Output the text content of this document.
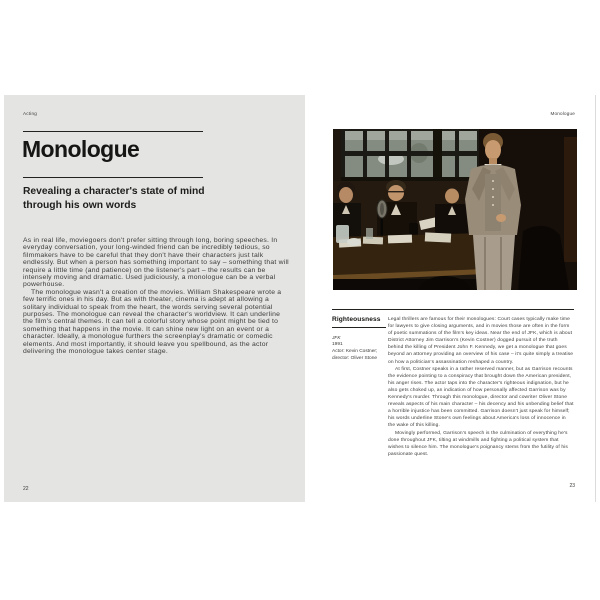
Acting
Monologue
Revealing a character's state of mind through his own words

As in real life, moviegoers don't prefer sitting through long, boring speeches. In everyday conversation, your long-winded friend can be incredibly tedious, so filmmakers have to be careful that they don't have their characters just talk endlessly. But when a person has something important to say – something that will require a little time (and patience) on the listener's part – the results can be intensely moving and dramatic. Used judiciously, a monologue can be a verbal powerhouse.

The monologue wasn't a creation of the movies. William Shakespeare wrote a few terrific ones in his day. But as with theater, cinema is adept at allowing a solitary individual to speak from the heart, the words serving several potential purposes. The monologue can reveal the character's worldview. It can underline the film's central themes. It can tell a colorful story whose point might be tied to something that happens in the movie. It can shine new light on an event or a character. Ideally, a monologue furthers the screenplay's dramatic or comedic elements. And most importantly, it should leave you spellbound, as the actor delivering the monologue takes center stage.

22
Monologue
Righteousness
JFK
1991
Actor: Kevin Costner;
director: Oliver Stone

Legal thrillers are famous for their monologues: Court cases typically make time for lawyers to give closing arguments, and in movies those are often in the form of poetic summations of the film's key ideas. Near the end of JFK, which is about District Attorney Jim Garrison's (Kevin Costner) dogged pursuit of the truth behind the killing of President John F. Kennedy, we get a monologue that goes beyond an attorney providing an overview of his case – it's quite simply a treatise on how a politician's assassination reshaped a country.

At first, Costner speaks in a rather reserved manner, but as Garrison recounts the evidence pointing to a conspiracy that brought down the American president, his anger rises. The actor taps into the character's righteous indignation, but he also gets choked up, an indication of how personally affected Garrison was by Kennedy's murder. Through this monologue, director and cowriter Oliver Stone reveals aspects of his main character – his decency and his unbending belief that a horrible injustice has been committed. Garrison doesn't just speak for himself; his words underline Stone's own feelings about America's loss of innocence in the wake of this killing.

Movingly performed, Garrison's speech is the culmination of everything he's done throughout JFK, tilting at windmills and fighting a political system that wishes to silence him. The monologue's poignancy stems from the futility of his passionate quest.

23
